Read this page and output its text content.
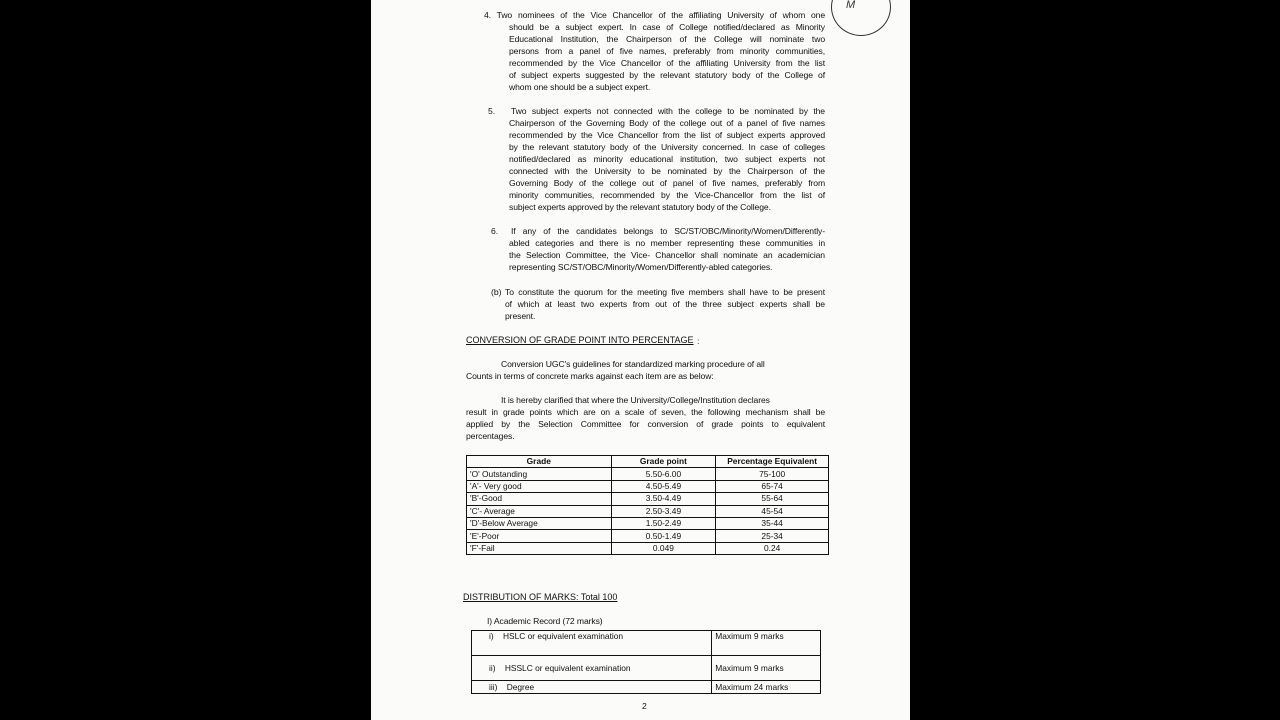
M
4. Two nominees of the Vice Chancellor of the affiliating University of whom one
should be a subject expert. In case of College notified/declared as Minority
Educational Institution, the Chairperson of the College will nominate two
persons from a panel of five names, preferably from minority communities,
recommended by the Vice Chancellor of the affiliating University from the list
of subject experts suggested by the relevant statutory body of the College of
whom one should be a subject expert.
5. Two subject experts not connected with the college to be nominated by the
Chairperson of the Governing Body of the college out of a panel of five names
recommended by the Vice Chancellor from the list of subject experts approved
by the relevant statutory body of the University concerned. In case of colleges
notified/declared as minority educational institution, two subject experts not
connected with the University to be nominated by the Chairperson of the
Governing Body of the college out of panel of five names, preferably from
minority communities, recommended by the Vice-Chancellor from the list of
subject experts approved by the relevant statutory body of the College.
6. If any of the candidates belongs to SC/ST/OBC/Minority/Women/Differently-
abled categories and there is no member representing these communities in
the Selection Committee, the Vice- Chancellor shall nominate an academician
representing SC/ST/OBC/Minority/Women/Differently-abled categories.
(b) To constitute the quorum for the meeting five members shall have to be present
of which at least two experts from out of the three subject experts shall be
present.
CONVERSION OF GRADE POINT INTO PERCENTAGE :
Conversion UGC's guidelines for standardized marking procedure of all
Counts in terms of concrete marks against each item are as below:
It is hereby clarified that where the University/College/Institution declares
result in grade points which are on a scale of seven, the following mechanism shall be
applied by the Selection Committee for conversion of grade points to equivalent
percentages.
Grade	Grade point	Percentage Equivalent
'O' Outstanding	5.50-6.00	75-100
'A'- Very good	4.50-5.49	65-74
'B'-Good	3.50-4.49	55-64
'C'- Average	2.50-3.49	45-54
'D'-Below Average	1.50-2.49	35-44
'E'-Poor	0.50-1.49	25-34
'F'-Fail	0.049	0.24
DISTRIBUTION OF MARKS: Total 100
I) Academic Record (72 marks)
i) HSLC or equivalent examination	Maximum 9 marks
ii) HSSLC or equivalent examination	Maximum 9 marks
iii) Degree	Maximum 24 marks
2
